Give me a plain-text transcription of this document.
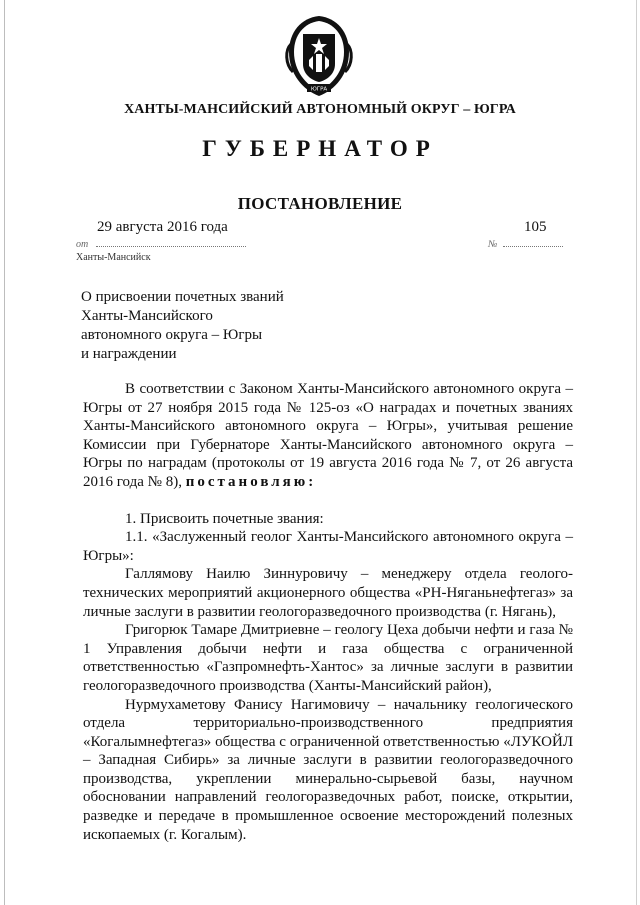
ЮГРА
ХАНТЫ-МАНСИЙСКИЙ АВТОНОМНЫЙ ОКРУГ – ЮГРА
ГУБЕРНАТОР
ПОСТАНОВЛЕНИЕ
29 августа 2016 года	105
от	№
Ханты-Мансийск
О присвоении почетных званий
Ханты-Мансийского
автономного округа – Югры
и награждении

В соответствии с Законом Ханты-Мансийского автономного округа – Югры от 27 ноября 2015 года № 125-оз «О наградах и почетных званиях Ханты-Мансийского автономного округа – Югры», учитывая решение Комиссии при Губернаторе Ханты-Мансийского автономного округа – Югры по наградам (протоколы от 19 августа 2016 года № 7, от 26 августа 2016 года № 8), постановляю:

1. Присвоить почетные звания:

1.1. «Заслуженный геолог Ханты-Мансийского автономного округа – Югры»:

Галлямову Наилю Зиннуровичу – менеджеру отдела геолого-технических мероприятий акционерного общества «РН-Няганьнефтегаз» за личные заслуги в развитии геологоразведочного производства (г. Нягань),

Григорюк Тамаре Дмитриевне – геологу Цеха добычи нефти и газа № 1 Управления добычи нефти и газа общества с ограниченной ответственностью «Газпромнефть-Хантос» за личные заслуги в развитии геологоразведочного производства (Ханты-Мансийский район),

Нурмухаметову Фанису Нагимовичу – начальнику геологического отдела территориально-производственного предприятия «Когалымнефтегаз» общества с ограниченной ответственностью «ЛУКОЙЛ – Западная Сибирь» за личные заслуги в развитии геологоразведочного производства, укреплении минерально-сырьевой базы, научном обосновании направлений геологоразведочных работ, поиске, открытии, разведке и передаче в промышленное освоение месторождений полезных ископаемых (г. Когалым).
